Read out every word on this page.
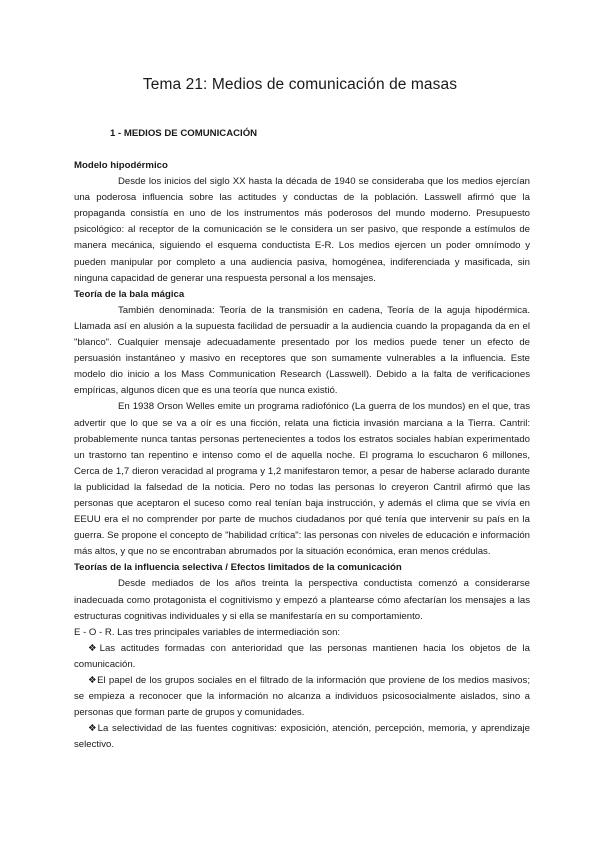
Tema 21: Medios de comunicación de masas
1 - MEDIOS DE COMUNICACIÓN
Modelo hipodérmico

Desde los inicios del siglo XX hasta la década de 1940 se consideraba que los medios ejercían una poderosa influencia sobre las actitudes y conductas de la población. Lasswell afirmó que la propaganda consistía en uno de los instrumentos más poderosos del mundo moderno. Presupuesto psicológico: al receptor de la comunicación se le considera un ser pasivo, que responde a estímulos de manera mecánica, siguiendo el esquema conductista E-R. Los medios ejercen un poder omnímodo y pueden manipular por completo a una audiencia pasiva, homogénea, indiferenciada y masificada, sin ninguna capacidad de generar una respuesta personal a los mensajes.

Teoría de la bala mágica

También denominada: Teoría de la transmisión en cadena, Teoría de la aguja hipodérmica. Llamada así en alusión a la supuesta facilidad de persuadir a la audiencia cuando la propaganda da en el "blanco". Cualquier mensaje adecuadamente presentado por los medios puede tener un efecto de persuasión instantáneo y masivo en receptores que son sumamente vulnerables a la influencia. Este modelo dio inicio a los Mass Communication Research (Lasswell). Debido a la falta de verificaciones empíricas, algunos dicen que es una teoría que nunca existió.

En 1938 Orson Welles emite un programa radiofónico (La guerra de los mundos) en el que, tras advertir que lo que se va a oír es una ficción, relata una ficticia invasión marciana a la Tierra. Cantril: probablemente nunca tantas personas pertenecientes a todos los estratos sociales habían experimentado un trastorno tan repentino e intenso como el de aquella noche. El programa lo escucharon 6 millones, Cerca de 1,7 dieron veracidad al programa y 1,2 manifestaron temor, a pesar de haberse aclarado durante la publicidad la falsedad de la noticia. Pero no todas las personas lo creyeron Cantril afirmó que las personas que aceptaron el suceso como real tenían baja instrucción, y además el clima que se vivía en EEUU era el no comprender por parte de muchos ciudadanos por qué tenía que intervenir su país en la guerra. Se propone el concepto de "habilidad crítica": las personas con niveles de educación e información más altos, y que no se encontraban abrumados por la situación económica, eran menos crédulas.

Teorías de la influencia selectiva / Efectos limitados de la comunicación

Desde mediados de los años treinta la perspectiva conductista comenzó a considerarse inadecuada como protagonista el cognitivismo y empezó a plantearse cómo afectarían los mensajes a las estructuras cognitivas individuales y si ella se manifestaría en su comportamiento.

E - O - R. Las tres principales variables de intermediación son:

❖Las actitudes formadas con anterioridad que las personas mantienen hacia los objetos de la comunicación.

❖El papel de los grupos sociales en el filtrado de la información que proviene de los medios masivos; se empieza a reconocer que la información no alcanza a individuos psicosocialmente aislados, sino a personas que forman parte de grupos y comunidades.

❖La selectividad de las fuentes cognitivas: exposición, atención, percepción, memoria, y aprendizaje selectivo.
